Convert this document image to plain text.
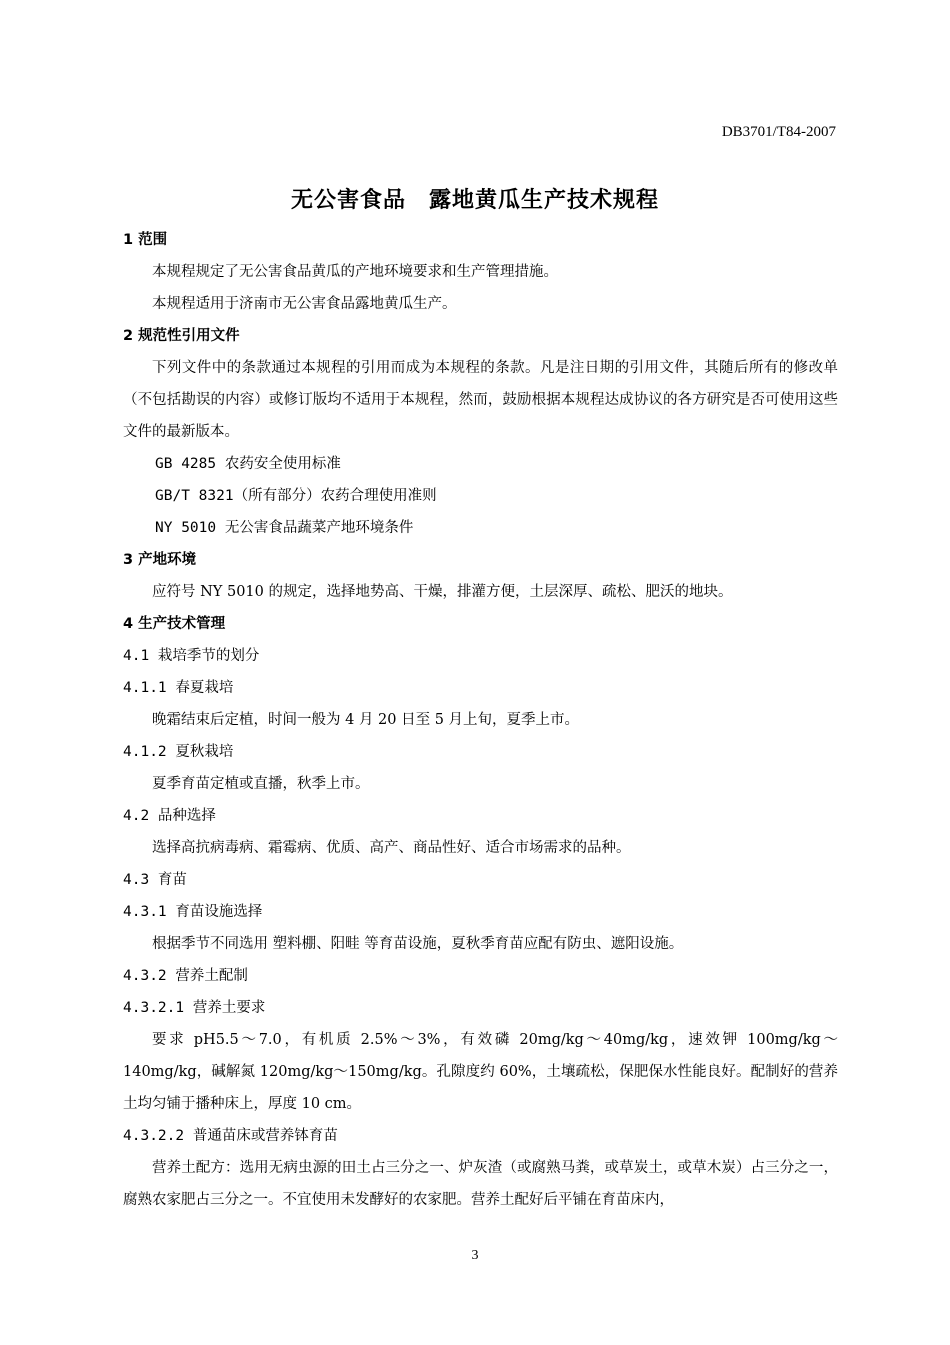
DB3701/T84-2007
无公害食品　露地黄瓜生产技术规程
1 范围
本规程规定了无公害食品黄瓜的产地环境要求和生产管理措施。
本规程适用于济南市无公害食品露地黄瓜生产。
2 规范性引用文件
下列文件中的条款通过本规程的引用而成为本规程的条款。凡是注日期的引用文件，其随后所有的修改单（不包括勘误的内容）或修订版均不适用于本规程，然而，鼓励根据本规程达成协议的各方研究是否可使用这些文件的最新版本。
GB 4285 农药安全使用标准
GB/T 8321（所有部分）农药合理使用准则
NY 5010 无公害食品蔬菜产地环境条件
3 产地环境
应符号 NY 5010 的规定，选择地势高、干燥，排灌方便，土层深厚、疏松、肥沃的地块。
4 生产技术管理
4.1 栽培季节的划分
4.1.1 春夏栽培
晚霜结束后定植，时间一般为 4 月 20 日至 5 月上旬，夏季上市。
4.1.2 夏秋栽培
夏季育苗定植或直播，秋季上市。
4.2 品种选择
选择高抗病毒病、霜霉病、优质、高产、商品性好、适合市场需求的品种。
4.3 育苗
4.3.1 育苗设施选择
根据季节不同选用 塑料棚、阳畦 等育苗设施，夏秋季育苗应配有防虫、遮阳设施。
4.3.2 营养土配制
4.3.2.1 营养土要求
要求 pH5.5～7.0，有机质 2.5%～3%，有效磷 20mg/kg～40mg/kg，速效钾 100mg/kg～140mg/kg，碱解氮 120mg/kg～150mg/kg。孔隙度约 60%，土壤疏松，保肥保水性能良好。配制好的营养土均匀铺于播种床上，厚度 10 cm。
4.3.2.2 普通苗床或营养钵育苗
营养土配方：选用无病虫源的田土占三分之一、炉灰渣（或腐熟马粪，或草炭土，或草木炭）占三分之一，腐熟农家肥占三分之一。不宜使用未发酵好的农家肥。营养土配好后平铺在育苗床内，
3
